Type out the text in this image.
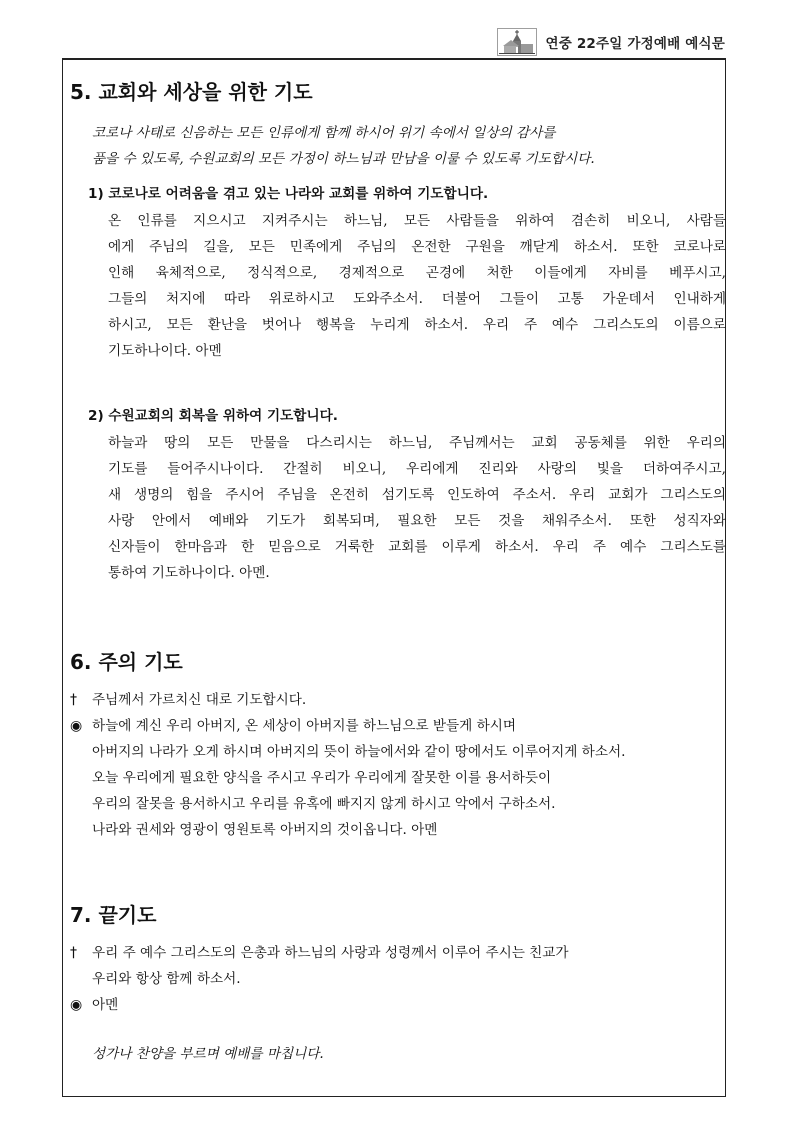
연중 22주일 가정예배 예식문
5. 교회와 세상을 위한 기도
코로나 사태로 신음하는 모든 인류에게 함께 하시어 위기 속에서 일상의 감사를
품을 수 있도록, 수원교회의 모든 가정이 하느님과 만남을 이룰 수 있도록 기도합시다.
1) 코로나로 어려움을 겪고 있는 나라와 교회를 위하여 기도합니다.
온 인류를 지으시고 지켜주시는 하느님, 모든 사람들을 위하여 겸손히 비오니, 사람들
에게 주님의 길을, 모든 민족에게 주님의 온전한 구원을 깨닫게 하소서. 또한 코로나로
인해 육체적으로, 정식적으로, 경제적으로 곤경에 처한 이들에게 자비를 베푸시고,
그들의 처지에 따라 위로하시고 도와주소서. 더불어 그들이 고통 가운데서 인내하게
하시고, 모든 환난을 벗어나 행복을 누리게 하소서. 우리 주 예수 그리스도의 이름으로
기도하나이다. 아멘
2) 수원교회의 회복을 위하여 기도합니다.
하늘과 땅의 모든 만물을 다스리시는 하느님, 주님께서는 교회 공동체를 위한 우리의
기도를 들어주시나이다. 간절히 비오니, 우리에게 진리와 사랑의 빛을 더하여주시고,
새 생명의 힘을 주시어 주님을 온전히 섬기도록 인도하여 주소서. 우리 교회가 그리스도의
사랑 안에서 예배와 기도가 회복되며, 필요한 모든 것을 채워주소서. 또한 성직자와
신자들이 한마음과 한 믿음으로 거룩한 교회를 이루게 하소서. 우리 주 예수 그리스도를
통하여 기도하나이다. 아멘.
6. 주의 기도
†	주님께서 가르치신 대로 기도합시다.
◉ 하늘에 계신 우리 아버지, 온 세상이 아버지를 하느님으로 받들게 하시며
아버지의 나라가 오게 하시며 아버지의 뜻이 하늘에서와 같이 땅에서도 이루어지게 하소서.
오늘 우리에게 필요한 양식을 주시고 우리가 우리에게 잘못한 이를 용서하듯이
우리의 잘못을 용서하시고 우리를 유혹에 빠지지 않게 하시고 악에서 구하소서.
나라와 권세와 영광이 영원토록 아버지의 것이옵니다. 아멘
7. 끝기도
†	우리 주 예수 그리스도의 은총과 하느님의 사랑과 성령께서 이루어 주시는 친교가
우리와 항상 함께 하소서.
◉ 아멘
성가나 찬양을 부르며 예배를 마칩니다.
